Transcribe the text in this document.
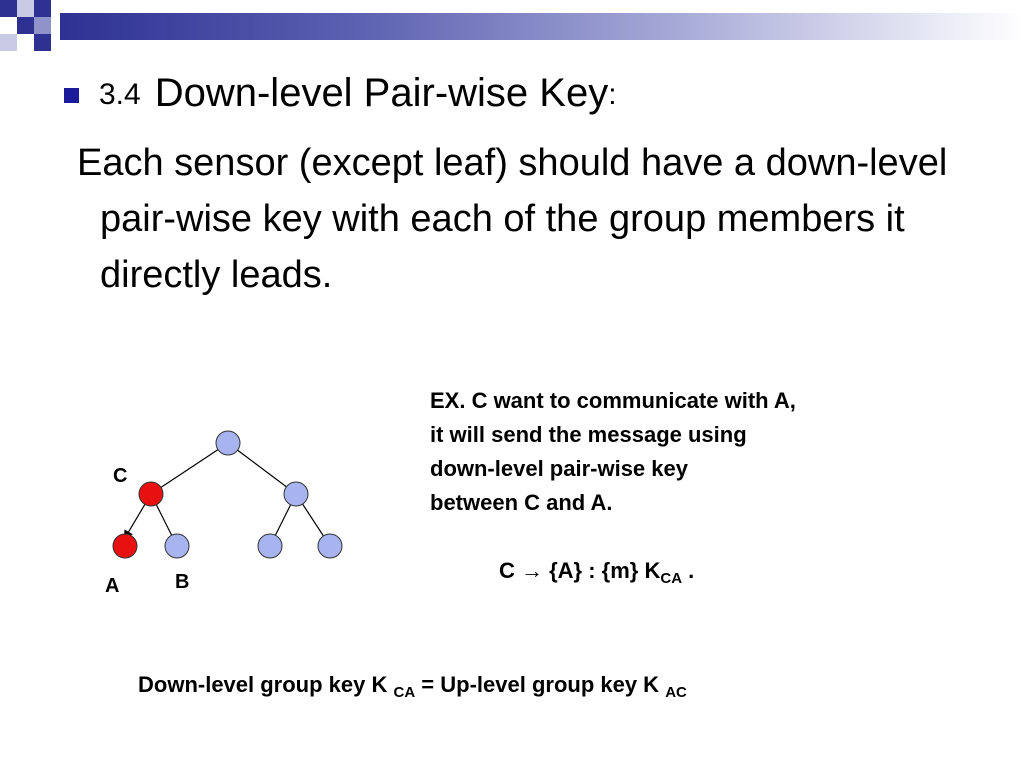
3.4 Down-level Pair-wise Key :

Each sensor (except leaf) should have a down-level pair-wise key with each of the group members it directly leads.

C
A	B
EX. C want to communicate with A,
it will send the message using
down-level pair-wise key
between C and A.
C → {A} : {m} $K_{CA}$ .
Down-level group key K $_{CA}$ = Up-level group key K $_{AC}$
